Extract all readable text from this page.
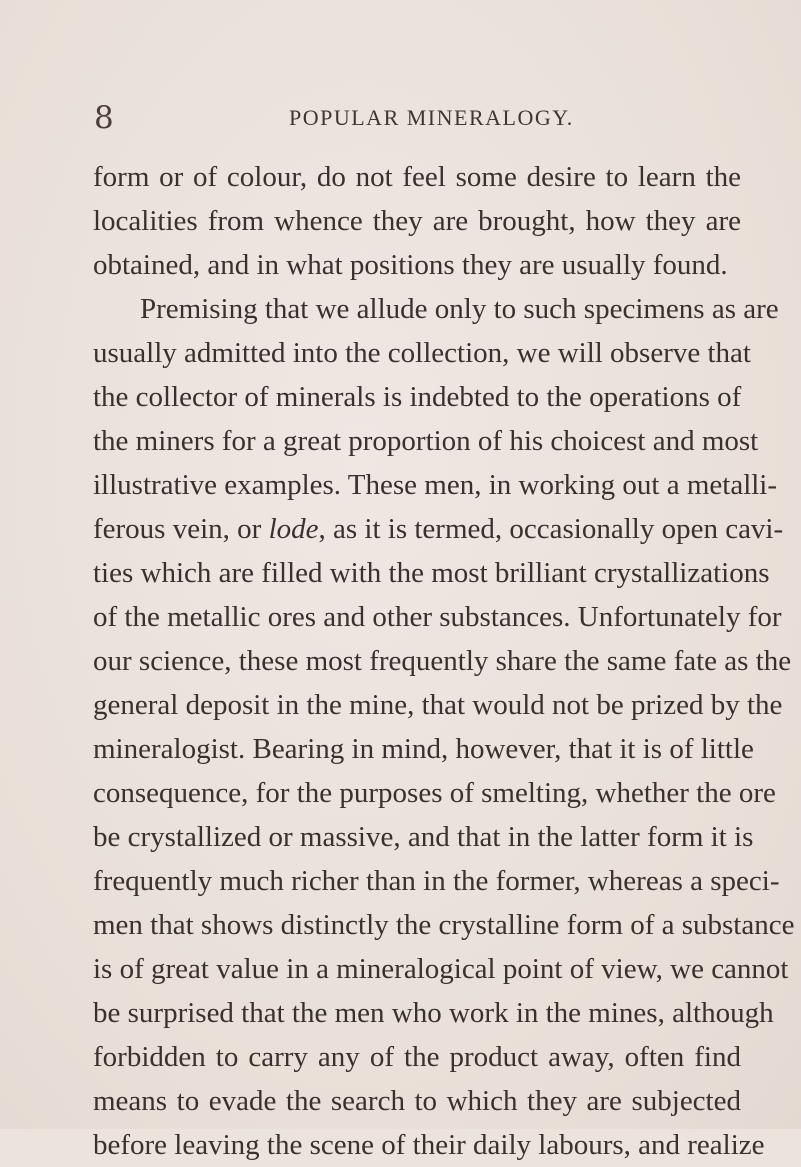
8	POPULAR MINERALOGY.
form or of colour, do not feel some desire to learn the
localities from whence they are brought, how they are
obtained, and in what positions they are usually found.
Premising that we allude only to such specimens as are
usually admitted into the collection, we will observe that
the collector of minerals is indebted to the operations of
the miners for a great proportion of his choicest and most
illustrative examples. These men, in working out a metalli-
ferous vein, or lode, as it is termed, occasionally open cavi-
ties which are filled with the most brilliant crystallizations
of the metallic ores and other substances. Unfortunately for
our science, these most frequently share the same fate as the
general deposit in the mine, that would not be prized by the
mineralogist. Bearing in mind, however, that it is of little
consequence, for the purposes of smelting, whether the ore
be crystallized or massive, and that in the latter form it is
frequently much richer than in the former, whereas a speci-
men that shows distinctly the crystalline form of a substance
is of great value in a mineralogical point of view, we cannot
be surprised that the men who work in the mines, although
forbidden to carry any of the product away, often find
means to evade the search to which they are subjected
before leaving the scene of their daily labours, and realize
